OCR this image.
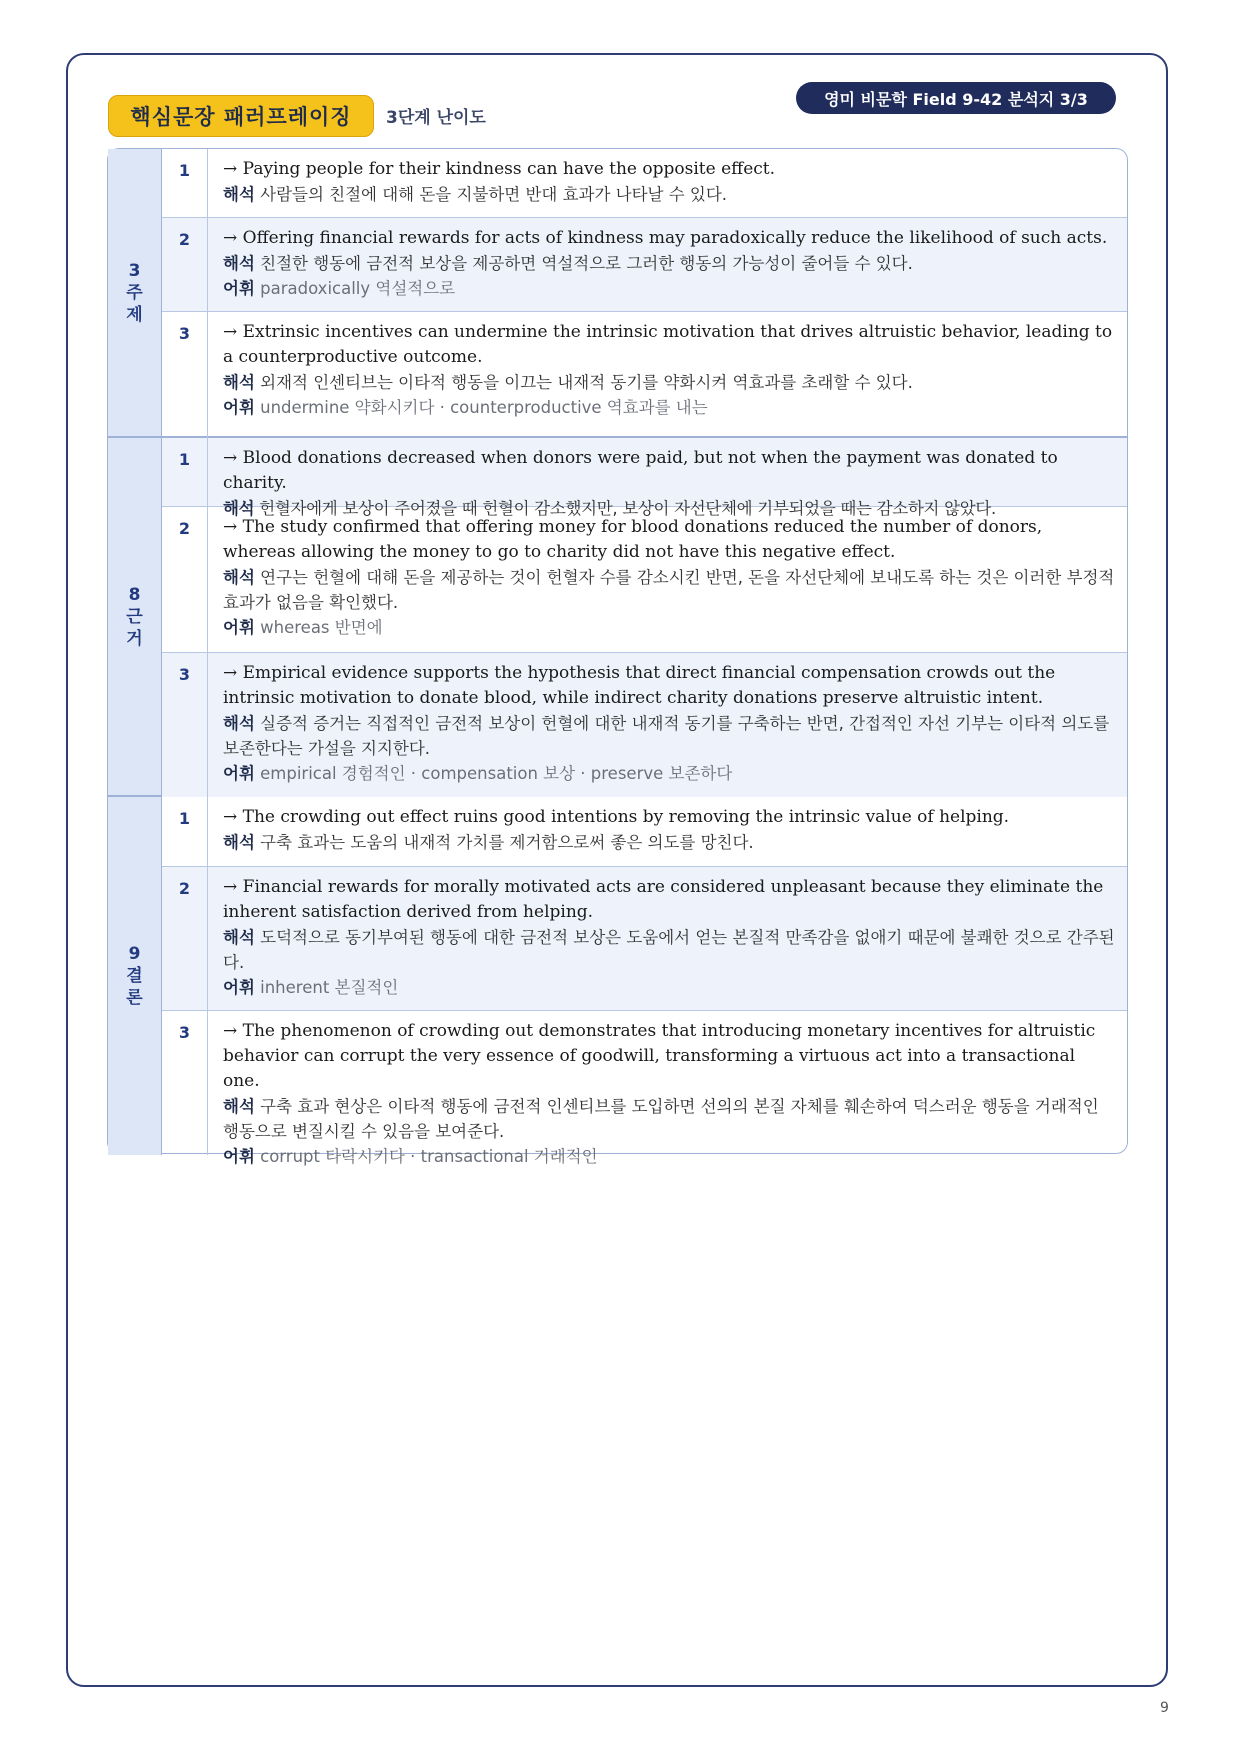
핵심문장 패러프레이징	3단계 난이도
영미 비문학 Field 9-42 분석지 3/3
3
주
제
1	→ Paying people for their kindness can have the opposite effect.
해석 사람들의 친절에 대해 돈을 지불하면 반대 효과가 나타날 수 있다.
2	→ Offering financial rewards for acts of kindness may paradoxically reduce the likelihood of such acts.
해석 친절한 행동에 금전적 보상을 제공하면 역설적으로 그러한 행동의 가능성이 줄어들 수 있다.
어휘 paradoxically 역설적으로
3	→ Extrinsic incentives can undermine the intrinsic motivation that drives altruistic behavior, leading to a counterproductive outcome.
해석 외재적 인센티브는 이타적 행동을 이끄는 내재적 동기를 약화시켜 역효과를 초래할 수 있다.
어휘 undermine 약화시키다 · counterproductive 역효과를 내는
8
근
거
1	→ Blood donations decreased when donors were paid, but not when the payment was donated to charity.
해석 헌혈자에게 보상이 주어졌을 때 헌혈이 감소했지만, 보상이 자선단체에 기부되었을 때는 감소하지 않았다.
2	→ The study confirmed that offering money for blood donations reduced the number of donors, whereas allowing the money to go to charity did not have this negative effect.
해석 연구는 헌혈에 대해 돈을 제공하는 것이 헌혈자 수를 감소시킨 반면, 돈을 자선단체에 보내도록 하는 것은 이러한 부정적 효과가 없음을 확인했다.
어휘 whereas 반면에
3	→ Empirical evidence supports the hypothesis that direct financial compensation crowds out the intrinsic motivation to donate blood, while indirect charity donations preserve altruistic intent.
해석 실증적 증거는 직접적인 금전적 보상이 헌혈에 대한 내재적 동기를 구축하는 반면, 간접적인 자선 기부는 이타적 의도를 보존한다는 가설을 지지한다.
어휘 empirical 경험적인 · compensation 보상 · preserve 보존하다
9
결
론
1	→ The crowding out effect ruins good intentions by removing the intrinsic value of helping.
해석 구축 효과는 도움의 내재적 가치를 제거함으로써 좋은 의도를 망친다.
2	→ Financial rewards for morally motivated acts are considered unpleasant because they eliminate the inherent satisfaction derived from helping.
해석 도덕적으로 동기부여된 행동에 대한 금전적 보상은 도움에서 얻는 본질적 만족감을 없애기 때문에 불쾌한 것으로 간주된다.
어휘 inherent 본질적인
3	→ The phenomenon of crowding out demonstrates that introducing monetary incentives for altruistic behavior can corrupt the very essence of goodwill, transforming a virtuous act into a transactional one.
해석 구축 효과 현상은 이타적 행동에 금전적 인센티브를 도입하면 선의의 본질 자체를 훼손하여 덕스러운 행동을 거래적인 행동으로 변질시킬 수 있음을 보여준다.
어휘 corrupt 타락시키다 · transactional 거래적인
9
